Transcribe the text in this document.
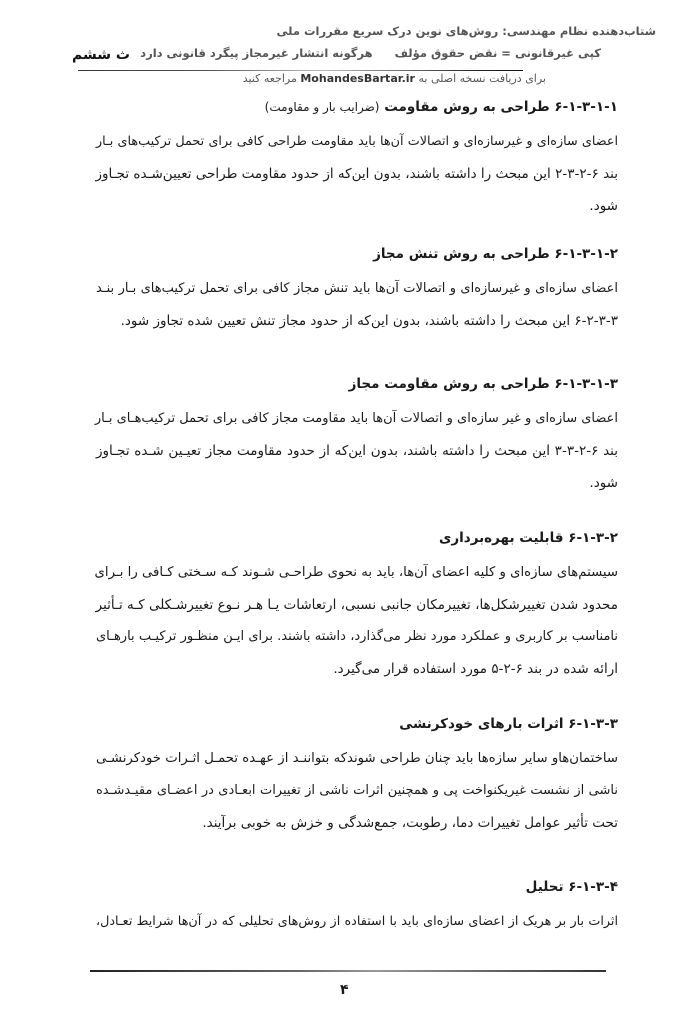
ث ششم
شتاب‌دهنده نظام مهندسی: روش‌های نوین درک سریع مقررات ملی
کپی غیرقانونی = نقض حقوق مؤلفهرگونه انتشار غیرمجاز پیگرد قانونی دارد
برای دریافت نسخه اصلی به MohandesBartar.ir مراجعه کنید
۶-۱-۳-۱-۱ طراحی به روش مقاومت (ضرایب بار و مقاومت)

اعضای سازه‌ای و غیرسازه‌ای و اتصالات آن‌ها باید مقاومت طراحی کافی برای تحمل ترکیب‌های بـار
بند ۶-۲-۳-۲ این مبحث را داشته باشند، بدون این‌که از حدود مقاومت طراحی تعیین‌شـده تجـاوز
شود.

۶-۱-۳-۱-۲ طراحی به روش تنش مجاز

اعضای سازه‌ای و غیرسازه‌ای و اتصالات آن‌ها باید تنش مجاز کافی برای تحمل ترکیب‌های بـار بنـد
۶-۲-۳-۳ این مبحث را داشته باشند، بدون این‌که از حدود مجاز تنش تعیین شده تجاوز شود.

۶-۱-۳-۱-۳ طراحی به روش مقاومت مجاز

اعضای سازه‌ای و غیر سازه‌ای و اتصالات آن‌ها باید مقاومت مجاز کافی برای تحمل ترکیب‌هـای بـار
بند ۶-۲-۳-۳ این مبحث را داشته باشند، بدون این‌که از حدود مقاومت مجاز تعیـین شـده تجـاوز
شود.

۶-۱-۳-۲ قابلیت بهره‌برداری

سیستم‌های سازه‌ای و کلیه اعضای آن‌ها، باید به نحوی طراحـی شـوند کـه سـختی کـافی را بـرای
محدود شدن تغییرشکل‌ها، تغییرمکان جانبی نسبی، ارتعاشات یـا هـر نـوع تغییرشـکلی کـه تـأثیر
نامناسب بر کاربری و عملکرد مورد نظر می‌گذارد، داشته باشند. برای ایـن منظـور ترکیـب بارهـای
ارائه شده در بند ۶-۲-۵ مورد استفاده قرار می‌گیرد.

۶-۱-۳-۳ اثرات بارهای خودکرنشی

ساختمان‌هاو سایر سازه‌ها باید چنان طراحی شوندکه بتواننـد از عهـده تحمـل اثـرات خودکرنشـی
ناشی از نشست غیریکنواخت پی و همچنین اثرات ناشی از تغییرات ابعـادی در اعضـای مقیـدشـده
تحت تأثیر عوامل تغییرات دما، رطوبت، جمع‌شدگی و خزش به خوبی برآیند.

۶-۱-۳-۴ تحلیل

اثرات بار بر هریک از اعضای سازه‌ای باید با استفاده از روش‌های تحلیلی که در آن‌ها شرایط تعـادل،

۴
